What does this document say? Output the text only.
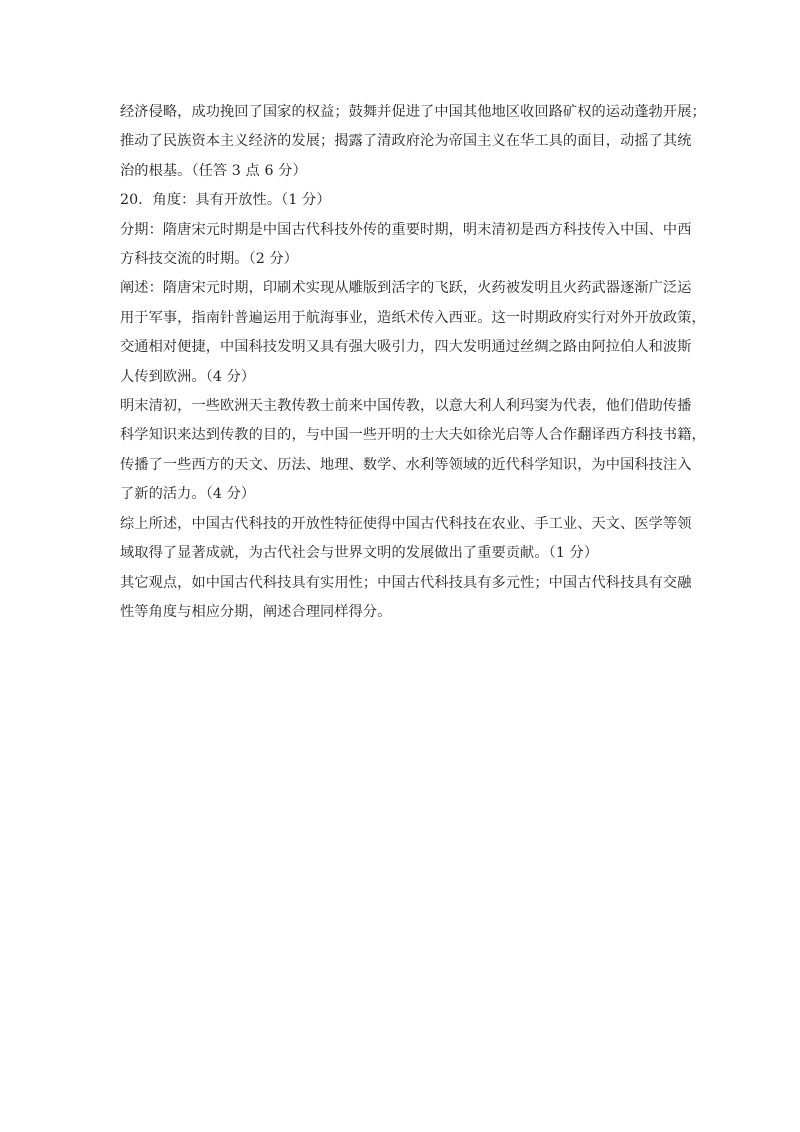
经济侵略，成功挽回了国家的权益；鼓舞并促进了中国其他地区收回路矿权的运动蓬勃开展；
推动了民族资本主义经济的发展；揭露了清政府沦为帝国主义在华工具的面目，动摇了其统
治的根基。（任答 3 点 6 分）
20．角度：具有开放性。（1 分）
分期：隋唐宋元时期是中国古代科技外传的重要时期，明末清初是西方科技传入中国、中西
方科技交流的时期。（2 分）
阐述：隋唐宋元时期，印刷术实现从雕版到活字的飞跃，火药被发明且火药武器逐渐广泛运
用于军事，指南针普遍运用于航海事业，造纸术传入西亚。这一时期政府实行对外开放政策，
交通相对便捷，中国科技发明又具有强大吸引力，四大发明通过丝绸之路由阿拉伯人和波斯
人传到欧洲。（4 分）
明末清初，一些欧洲天主教传教士前来中国传教，以意大利人利玛窦为代表，他们借助传播
科学知识来达到传教的目的，与中国一些开明的士大夫如徐光启等人合作翻译西方科技书籍，
传播了一些西方的天文、历法、地理、数学、水利等领域的近代科学知识，为中国科技注入
了新的活力。（4 分）
综上所述，中国古代科技的开放性特征使得中国古代科技在农业、手工业、天文、医学等领
域取得了显著成就，为古代社会与世界文明的发展做出了重要贡献。（1 分）
其它观点，如中国古代科技具有实用性；中国古代科技具有多元性；中国古代科技具有交融
性等角度与相应分期，阐述合理同样得分。
